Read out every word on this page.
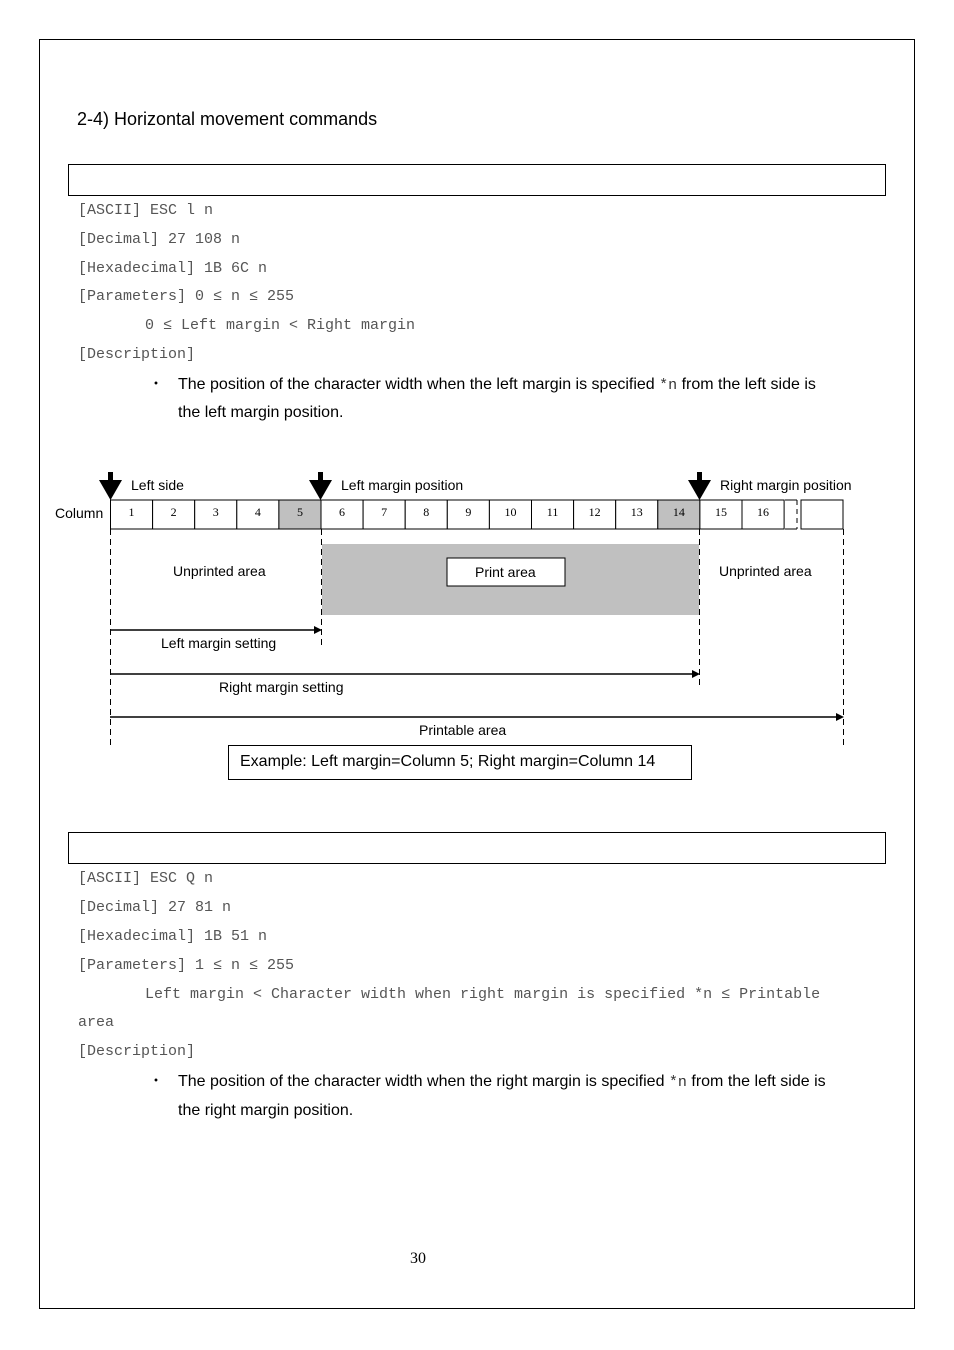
2-4) Horizontal movement commands
[ASCII] ESC l n
[Decimal] 27 108 n
[Hexadecimal] 1B 6C n
[Parameters] 0 ≤ n ≤ 255
0 ≤ Left margin < Right margin
[Description]
・ The position of the character width when the left margin is specified *n from the left side is
the left margin position.
Left side	Left margin position	Right margin position
Column 1	2	3	4	5	6	7	8	9	10	11	12	13	14	15	16
Unprinted area	Print area	Unprinted area
Left margin setting
Right margin setting
Printable area
Example: Left margin=Column 5; Right margin=Column 14
[ASCII] ESC Q n
[Decimal] 27 81 n
[Hexadecimal] 1B 51 n
[Parameters] 1 ≤ n ≤ 255
Left margin < Character width when right margin is specified *n ≤ Printable
area
[Description]
・ The position of the character width when the right margin is specified *n from the left side is
the right margin position.
30
